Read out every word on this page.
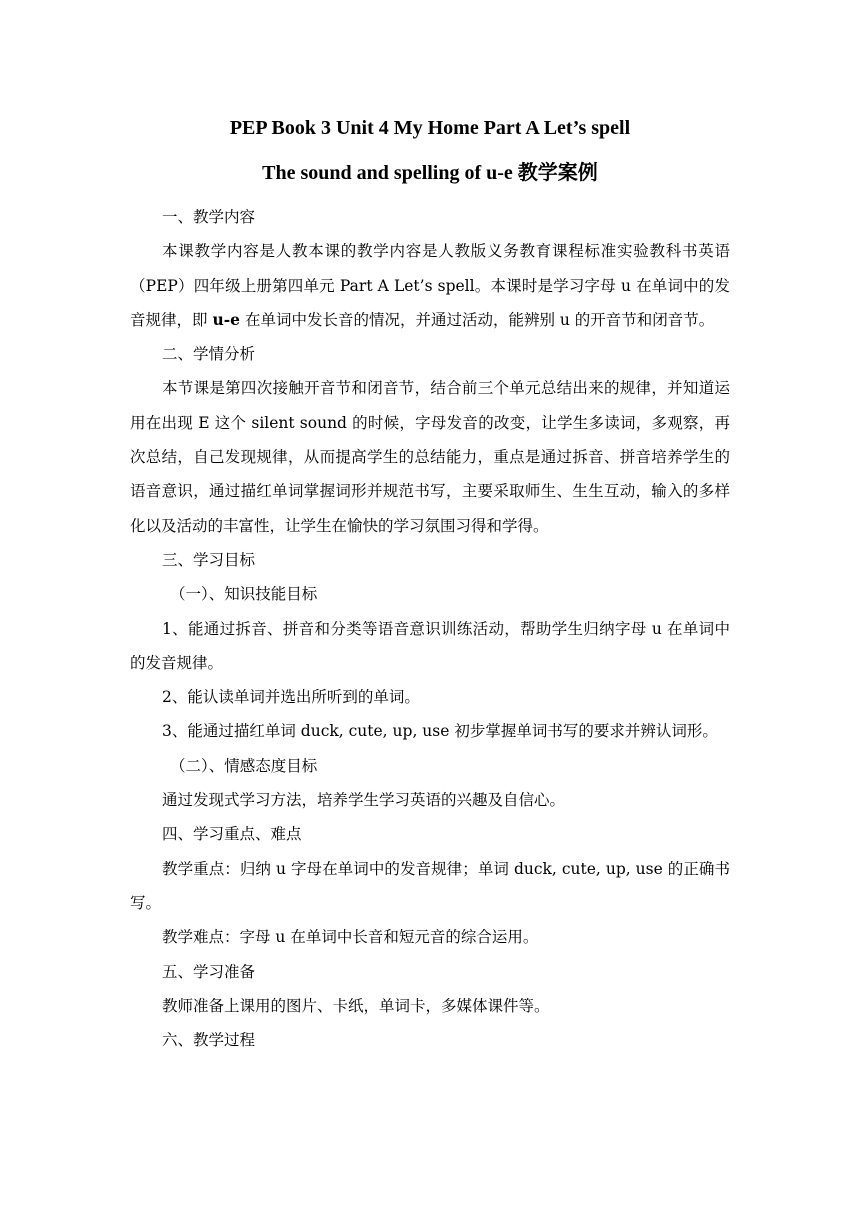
PEP Book 3 Unit 4 My Home Part A Let’s spell
The sound and spelling of u-e 教学案例

一、教学内容

本课教学内容是人教本课的教学内容是人教版义务教育课程标准实验教科书英语（PEP）四年级上册第四单元 Part A Let’s spell。本课时是学习字母 u 在单词中的发音规律，即 u-e 在单词中发长音的情况，并通过活动，能辨别 u 的开音节和闭音节。

二、学情分析

本节课是第四次接触开音节和闭音节，结合前三个单元总结出来的规律，并知道运用在出现 E 这个 silent sound 的时候，字母发音的改变，让学生多读词，多观察，再次总结，自己发现规律，从而提高学生的总结能力，重点是通过拆音、拼音培养学生的语音意识，通过描红单词掌握词形并规范书写，主要采取师生、生生互动，输入的多样化以及活动的丰富性，让学生在愉快的学习氛围习得和学得。

三、学习目标

（一）、知识技能目标

1、能通过拆音、拼音和分类等语音意识训练活动，帮助学生归纳字母 u 在单词中的发音规律。

2、能认读单词并选出所听到的单词。

3、能通过描红单词 duck, cute, up, use 初步掌握单词书写的要求并辨认词形。

（二）、情感态度目标

通过发现式学习方法，培养学生学习英语的兴趣及自信心。

四、学习重点、难点

教学重点：归纳 u 字母在单词中的发音规律；单词 duck, cute, up, use 的正确书写。

教学难点：字母 u 在单词中长音和短元音的综合运用。

五、学习准备

教师准备上课用的图片、卡纸，单词卡，多媒体课件等。

六、教学过程
